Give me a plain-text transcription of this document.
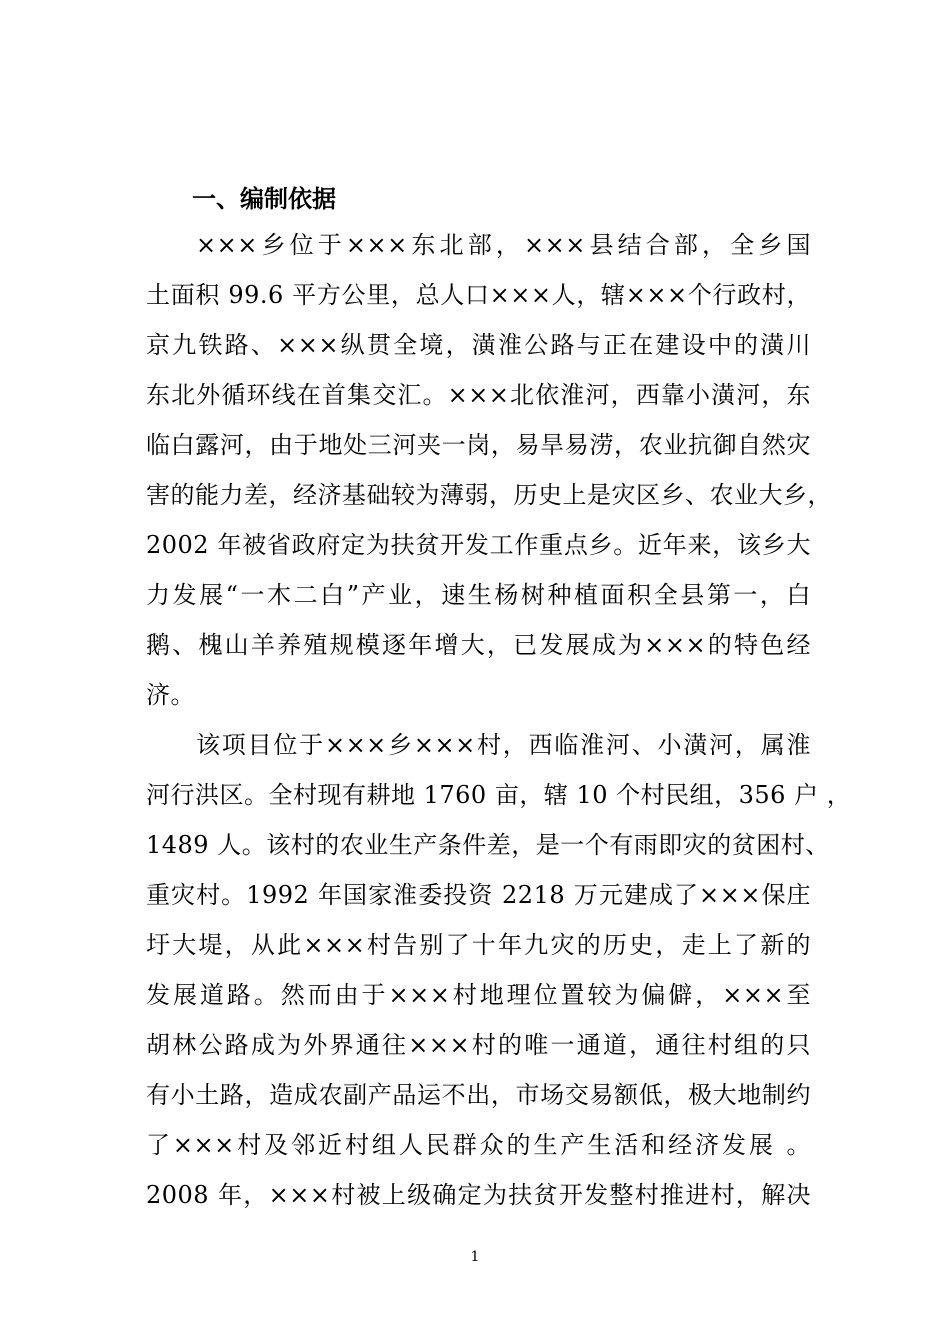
一、编制依据
×××乡位于×××东北部，×××县结合部，全乡国
土面积 99.6 平方公里，总人口×××人，辖×××个行政村，
京九铁路、×××纵贯全境，潢淮公路与正在建设中的潢川
东北外循环线在首集交汇。×××北依淮河，西靠小潢河，东
临白露河，由于地处三河夹一岗，易旱易涝，农业抗御自然灾
害的能力差，经济基础较为薄弱，历史上是灾区乡、农业大乡，
2002 年被省政府定为扶贫开发工作重点乡。近年来，该乡大
力发展“一木二白”产业，速生杨树种植面积全县第一，白
鹅、槐山羊养殖规模逐年增大，已发展成为×××的特色经
济。
该项目位于×××乡×××村，西临淮河、小潢河，属淮
河行洪区。全村现有耕地 1760 亩，辖 10 个村民组，356 户 ，
1489 人。该村的农业生产条件差，是一个有雨即灾的贫困村、
重灾村。1992 年国家淮委投资 2218 万元建成了×××保庄
圩大堤，从此×××村告别了十年九灾的历史，走上了新的
发展道路。然而由于×××村地理位置较为偏僻，×××至
胡林公路成为外界通往×××村的唯一通道，通往村组的只
有小土路，造成农副产品运不出，市场交易额低，极大地制约
了×××村及邻近村组人民群众的生产生活和经济发展 。
2008 年，×××村被上级确定为扶贫开发整村推进村，解决
1
